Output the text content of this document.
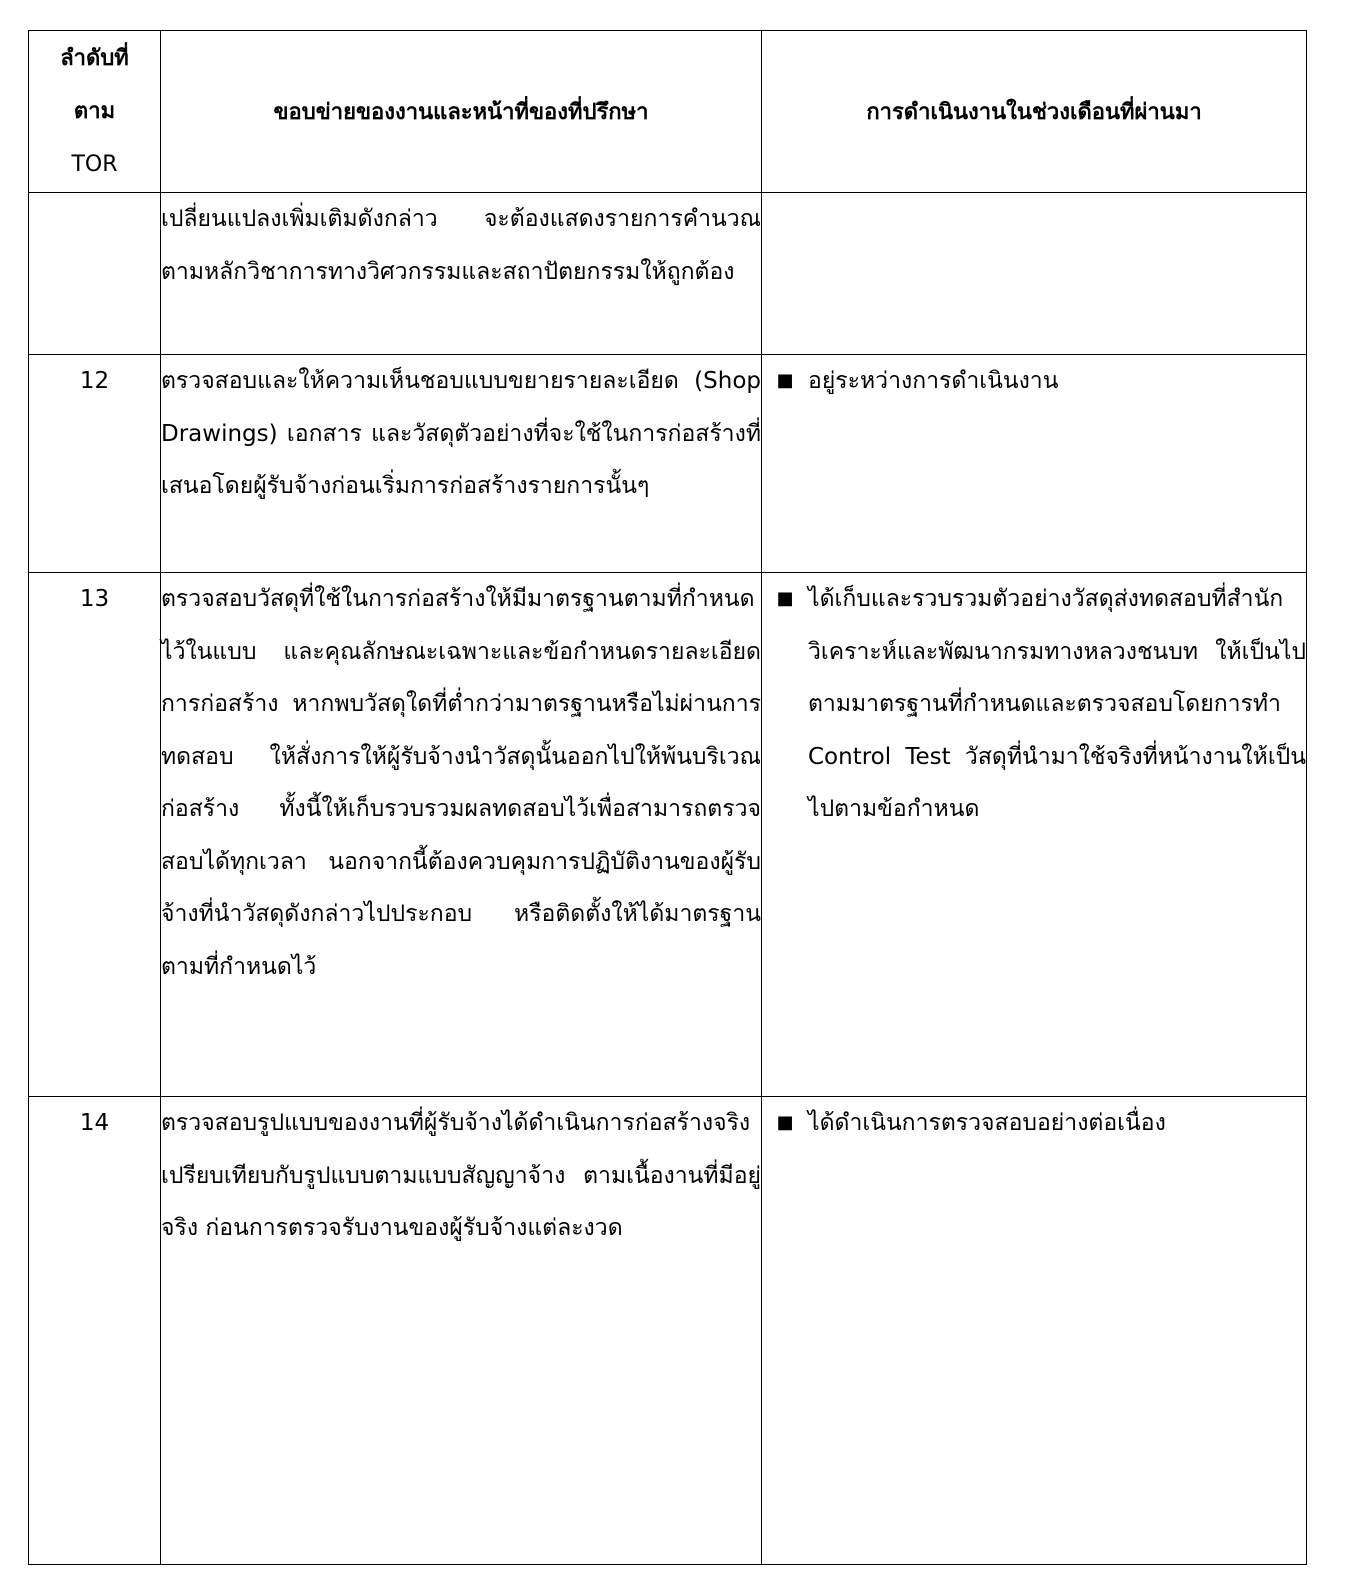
ลำดับที่
ตาม
TOR	ขอบข่ายของงานและหน้าที่ของที่ปรึกษา	การดำเนินงานในช่วงเดือนที่ผ่านมา
	เปลี่ยนแปลงเพิ่มเติมดังกล่าว จะต้องแสดงรายการคำนวณตามหลักวิชาการทางวิศวกรรมและสถาปัตยกรรมให้ถูกต้อง	
12	ตรวจสอบและให้ความเห็นชอบแบบขยายรายละเอียด (Shop Drawings) เอกสาร และวัสดุตัวอย่างที่จะใช้ในการก่อสร้างที่เสนอโดยผู้รับจ้างก่อนเริ่มการก่อสร้างรายการนั้นๆ	■ อยู่ระหว่างการดำเนินงาน

13	ตรวจสอบวัสดุที่ใช้ในการก่อสร้างให้มีมาตรฐานตามที่กำหนดไว้ในแบบ และคุณลักษณะเฉพาะและข้อกำหนดรายละเอียดการก่อสร้าง หากพบวัสดุใดที่ต่ำกว่ามาตรฐานหรือไม่ผ่านการทดสอบ ให้สั่งการให้ผู้รับจ้างนำวัสดุนั้นออกไปให้พ้นบริเวณก่อสร้าง ทั้งนี้ให้เก็บรวบรวมผลทดสอบไว้เพื่อสามารถตรวจสอบได้ทุกเวลา นอกจากนี้ต้องควบคุมการปฏิบัติงานของผู้รับจ้างที่นำวัสดุดังกล่าวไปประกอบ หรือติดตั้งให้ได้มาตรฐานตามที่กำหนดไว้	■ ได้เก็บและรวบรวมตัวอย่างวัสดุส่งทดสอบที่สำนักวิเคราะห์และพัฒนากรมทางหลวงชนบท ให้เป็นไปตามมาตรฐานที่กำหนดและตรวจสอบโดยการทำ Control Test วัสดุที่นำมาใช้จริงที่หน้างานให้เป็นไปตามข้อกำหนด

14	ตรวจสอบรูปแบบของงานที่ผู้รับจ้างได้ดำเนินการก่อสร้างจริง เปรียบเทียบกับรูปแบบตามแบบสัญญาจ้าง ตามเนื้องานที่มีอยู่จริง ก่อนการตรวจรับงานของผู้รับจ้างแต่ละงวด	■ ได้ดำเนินการตรวจสอบอย่างต่อเนื่อง
